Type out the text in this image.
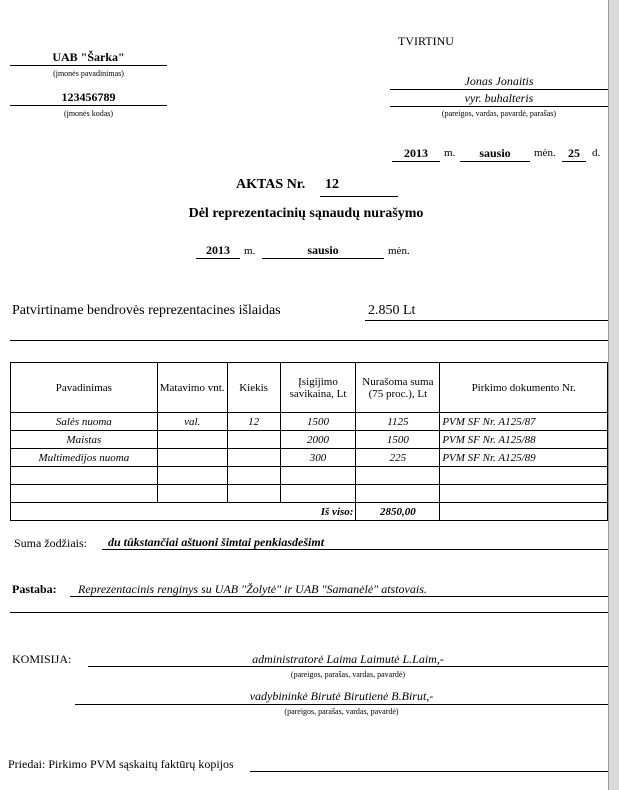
TVIRTINU
UAB "Šarka"
(įmonės pavadinimas)
123456789
(įmonės kodas)
Jonas Jonaitis
vyr. buhalteris
(pareigos, vardas, pavardė, parašas)
2013	m.	sausio	mėn.	25	d.
AKTAS Nr. 12
Dėl reprezentacinių sąnaudų nurašymo
2013	m.	sausio	mėn.
Patvirtiname bendrovės reprezentacines išlaidas	2.850 Lt
Pavadinimas	Matavimo vnt.	Kiekis	Įsigijimo savikaina, Lt	Nurašoma suma (75 proc.), Lt	Pirkimo dokumento Nr.
Salės nuoma	val.	12	1500	1125	PVM SF Nr. A125/87
Maistas			2000	1500	PVM SF Nr. A125/88
Multimedijos nuoma			300	225	PVM SF Nr. A125/89

Iš viso:				2850,00	
Suma žodžiais: du tūkstančiai aštuoni šimtai penkiasdešimt
Pastaba: Reprezentacinis renginys su UAB "Žolytė" ir UAB "Samanėlė" atstovais.
KOMISIJA:	administratorė Laima Laimutė L.Laim,-
(pareigos, parašas, vardas, pavardė)
vadybininkė Birutė Birutienė B.Birut,-
(pareigos, parašas, vardas, pavardė)
Priedai: Pirkimo PVM sąskaitų faktūrų kopijos
